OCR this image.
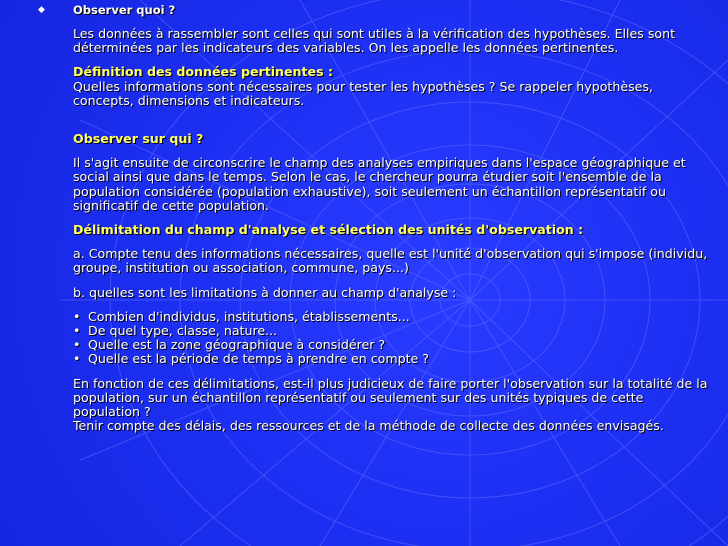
◆ Observer quoi ?

Les données à rassembler sont celles qui sont utiles à la vérification des hypothèses. Elles sont déterminées par les indicateurs des variables. On les appelle les données pertinentes.

Définition des données pertinentes :

Quelles informations sont nécessaires pour tester les hypothèses ? Se rappeler hypothèses, concepts, dimensions et indicateurs.

Observer sur qui ?

Il s'agit ensuite de circonscrire le champ des analyses empiriques dans l'espace géographique et social ainsi que dans le temps. Selon le cas, le chercheur pourra étudier soit l'ensemble de la population considérée (population exhaustive), soit seulement un échantillon représentatif ou significatif de cette population.

Délimitation du champ d'analyse et sélection des unités d'observation :

a. Compte tenu des informations nécessaires, quelle est l'unité d'observation qui s'impose (individu, groupe, institution ou association, commune, pays...)

b. quelles sont les limitations à donner au champ d'analyse :

• Combien d'individus, institutions, établissements...

• De quel type, classe, nature...

• Quelle est la zone géographique à considérer ?

• Quelle est la période de temps à prendre en compte ?

En fonction de ces délimitations, est-il plus judicieux de faire porter l'observation sur la totalité de la population, sur un échantillon représentatif ou seulement sur des unités typiques de cette population ?

Tenir compte des délais, des ressources et de la méthode de collecte des données envisagés.
